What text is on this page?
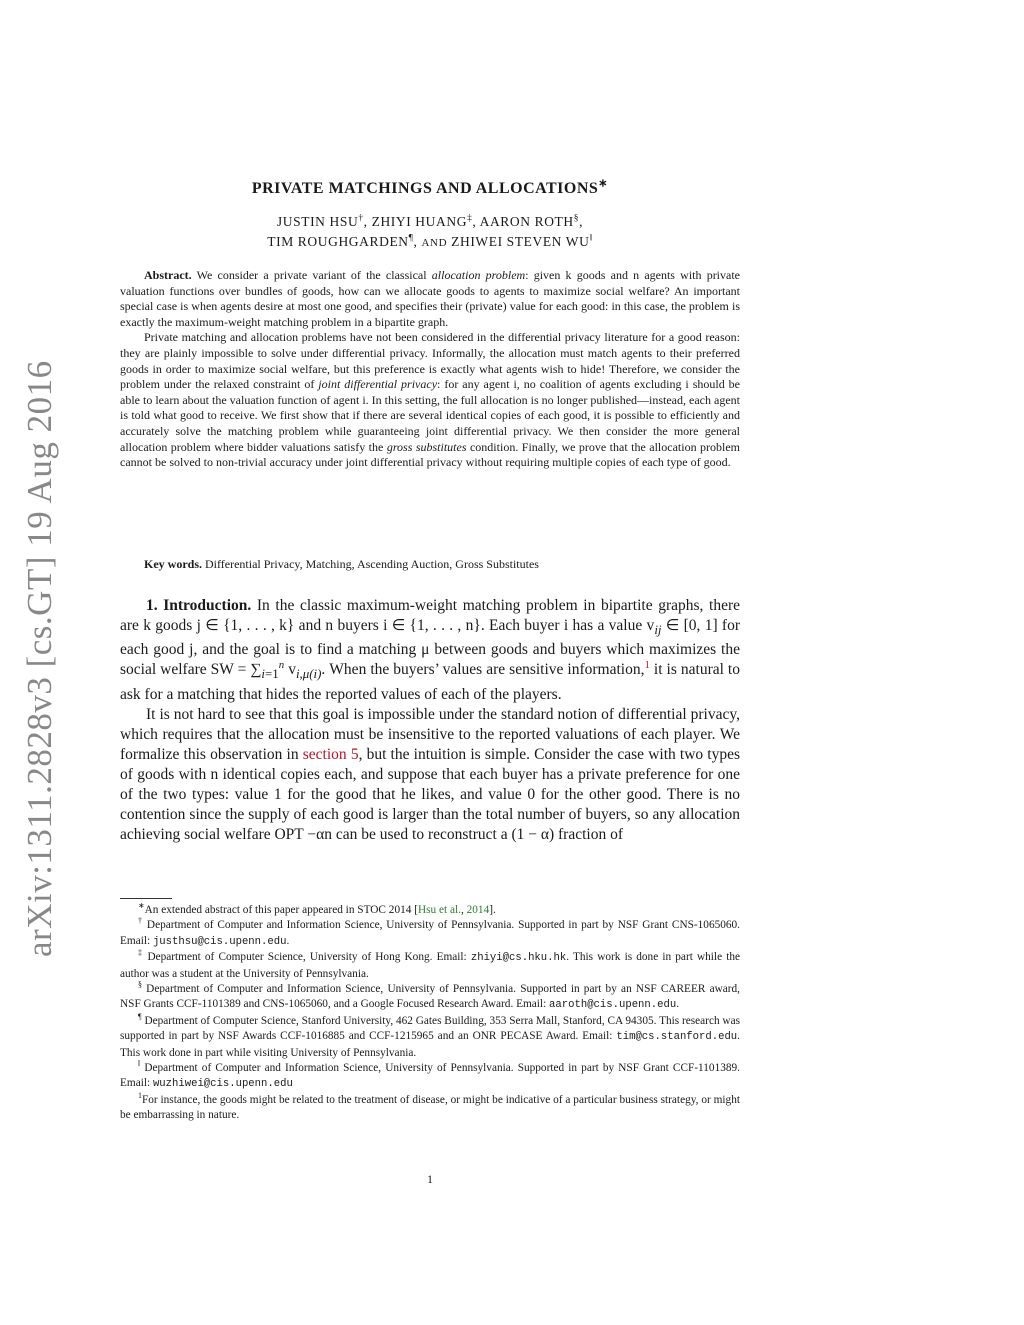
arXiv:1311.2828v3 [cs.GT] 19 Aug 2016
PRIVATE MATCHINGS AND ALLOCATIONS∗
JUSTIN HSU†, ZHIYI HUANG‡, AARON ROTH§,
TIM ROUGHGARDEN¶, AND ZHIWEI STEVEN WU‖

Abstract. We consider a private variant of the classical allocation problem: given k goods and n agents with private valuation functions over bundles of goods, how can we allocate goods to agents to maximize social welfare? An important special case is when agents desire at most one good, and specifies their (private) value for each good: in this case, the problem is exactly the maximum-weight matching problem in a bipartite graph.

Private matching and allocation problems have not been considered in the differential privacy literature for a good reason: they are plainly impossible to solve under differential privacy. Informally, the allocation must match agents to their preferred goods in order to maximize social welfare, but this preference is exactly what agents wish to hide! Therefore, we consider the problem under the relaxed constraint of joint differential privacy: for any agent i, no coalition of agents excluding i should be able to learn about the valuation function of agent i. In this setting, the full allocation is no longer published—instead, each agent is told what good to receive. We first show that if there are several identical copies of each good, it is possible to efficiently and accurately solve the matching problem while guaranteeing joint differential privacy. We then consider the more general allocation problem where bidder valuations satisfy the gross substitutes condition. Finally, we prove that the allocation problem cannot be solved to non-trivial accuracy under joint differential privacy without requiring multiple copies of each type of good.

Key words. Differential Privacy, Matching, Ascending Auction, Gross Substitutes

1. Introduction. In the classic maximum-weight matching problem in bipartite graphs, there are k goods j ∈ {1, . . . , k} and n buyers i ∈ {1, . . . , n}. Each buyer i has a value $v_{ij}$ ∈ [0, 1] for each good j, and the goal is to find a matching μ between goods and buyers which maximizes the social welfare SW = $\sum_{i=1}^n$ $v_{i,\mu(i)}$. When the buyers’ values are sensitive information,$^1$ it is natural to ask for a matching that hides the reported values of each of the players.

It is not hard to see that this goal is impossible under the standard notion of differential privacy, which requires that the allocation must be insensitive to the reported valuations of each player. We formalize this observation in section 5, but the intuition is simple. Consider the case with two types of goods with n identical copies each, and suppose that each buyer has a private preference for one of the two types: value 1 for the good that he likes, and value 0 for the other good. There is no contention since the supply of each good is larger than the total number of buyers, so any allocation achieving social welfare OPT −αn can be used to reconstruct a (1 − α) fraction of

∗An extended abstract of this paper appeared in STOC 2014 [Hsu et al., 2014].

† Department of Computer and Information Science, University of Pennsylvania. Supported in part by NSF Grant CNS-1065060. Email: justhsu@cis.upenn.edu.

‡ Department of Computer Science, University of Hong Kong. Email: zhiyi@cs.hku.hk. This work is done in part while the author was a student at the University of Pennsylvania.

§ Department of Computer and Information Science, University of Pennsylvania. Supported in part by an NSF CAREER award, NSF Grants CCF-1101389 and CNS-1065060, and a Google Focused Research Award. Email: aaroth@cis.upenn.edu.

¶ Department of Computer Science, Stanford University, 462 Gates Building, 353 Serra Mall, Stanford, CA 94305. This research was supported in part by NSF Awards CCF-1016885 and CCF-1215965 and an ONR PECASE Award. Email: tim@cs.stanford.edu. This work done in part while visiting University of Pennsylvania.

‖ Department of Computer and Information Science, University of Pennsylvania. Supported in part by NSF Grant CCF-1101389. Email: wuzhiwei@cis.upenn.edu

$^1$For instance, the goods might be related to the treatment of disease, or might be indicative of a particular business strategy, or might be embarrassing in nature.

1
